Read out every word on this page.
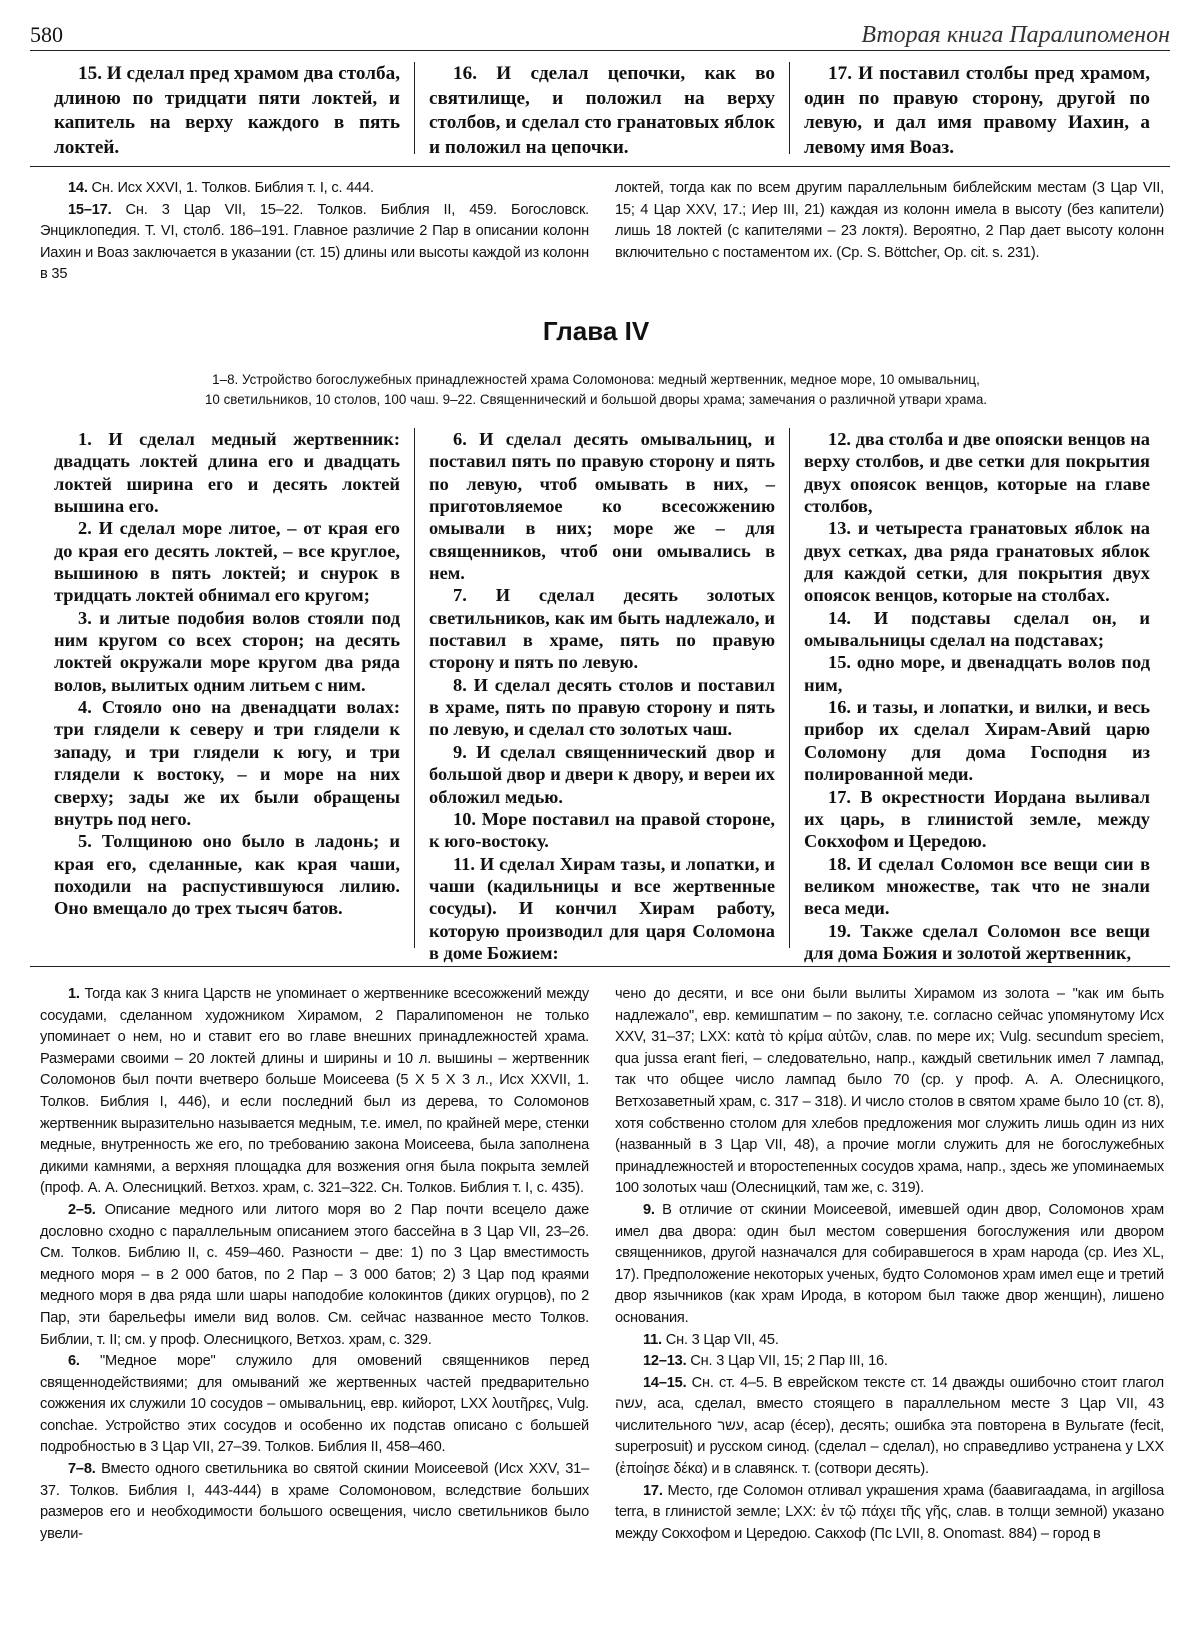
580	Вторая книга Паралипоменон

15. И сделал пред храмом два столба, длиною по тридцати пяти локтей, и капитель на верху каждого в пять локтей.

16. И сделал цепочки, как во святилище, и положил на верху столбов, и сделал сто гранатовых яблок и положил на цепочки.

17. И поставил столбы пред храмом, один по правую сторону, другой по левую, и дал имя правому Иахин, а левому имя Воаз.

14. Сн. Исх XXVI, 1. Толков. Библия т. I, с. 444.

15–17. Сн. 3 Цар VII, 15–22. Толков. Библия II, 459. Богословск. Энциклопедия. Т. VI, столб. 186–191. Главное различие 2 Пар в описании колонн Иахин и Воаз заключается в указании (ст. 15) длины или высоты каждой из колонн в 35

локтей, тогда как по всем другим параллельным библейским местам (3 Цар VII, 15; 4 Цар XXV, 17.; Иер III, 21) каждая из колонн имела в высоту (без капители) лишь 18 локтей (с капителями – 23 локтя). Вероятно, 2 Пар дает высоту колонн включительно с постаментом их. (Ср. S. Böttcher, Op. cit. s. 231).

Глава IV
1–8. Устройство богослужебных принадлежностей храма Соломонова: медный жертвенник, медное море, 10 омывальниц,
10 светильников, 10 столов, 100 чаш. 9–22. Священнический и большой дворы храма; замечания о различной утвари храма.

1. И сделал медный жертвенник: двадцать локтей длина его и двадцать локтей ширина его и десять локтей вышина его.

2. И сделал море литое, – от края его до края его десять локтей, – все круглое, вышиною в пять локтей; и снурок в тридцать локтей обнимал его кругом;

3. и литые подобия волов стояли под ним кругом со всех сторон; на десять локтей окружали море кругом два ряда волов, вылитых одним литьем с ним.

4. Стояло оно на двенадцати волах: три глядели к северу и три глядели к западу, и три глядели к югу, и три глядели к востоку, – и море на них сверху; зады же их были обращены внутрь под него.

5. Толщиною оно было в ладонь; и края его, сделанные, как края чаши, походили на распустившуюся лилию. Оно вмещало до трех тысяч батов.

6. И сделал десять омывальниц, и поставил пять по правую сторону и пять по левую, чтоб омывать в них, – приготовляемое ко всесожжению омывали в них; море же – для священников, чтоб они омывались в нем.

7. И сделал десять золотых светильников, как им быть надлежало, и поставил в храме, пять по правую сторону и пять по левую.

8. И сделал десять столов и поставил в храме, пять по правую сторону и пять по левую, и сделал сто золотых чаш.

9. И сделал священнический двор и большой двор и двери к двору, и вереи их обложил медью.

10. Море поставил на правой стороне, к юго-востоку.

11. И сделал Хирам тазы, и лопатки, и чаши (кадильницы и все жертвенные сосуды). И кончил Хирам работу, которую производил для царя Соломона в доме Божием:

12. два столба и две опояски венцов на верху столбов, и две сетки для покрытия двух опоясок венцов, которые на главе столбов,

13. и четыреста гранатовых яблок на двух сетках, два ряда гранатовых яблок для каждой сетки, для покрытия двух опоясок венцов, которые на столбах.

14. И подставы сделал он, и омывальницы сделал на подставах;

15. одно море, и двенадцать волов под ним,

16. и тазы, и лопатки, и вилки, и весь прибор их сделал Хирам-Авий царю Соломону для дома Господня из полированной меди.

17. В окрестности Иордана выливал их царь, в глинистой земле, между Сокхофом и Цередою.

18. И сделал Соломон все вещи сии в великом множестве, так что не знали веса меди.

19. Также сделал Соломон все вещи для дома Божия и золотой жертвенник,

1. Тогда как 3 книга Царств не упоминает о жертвеннике всесожжений между сосудами, сделанном художником Хирамом, 2 Паралипоменон не только упоминает о нем, но и ставит его во главе внешних принадлежностей храма. Размерами своими – 20 локтей длины и ширины и 10 л. вышины – жертвенник Соломонов был почти вчетверо больше Моисеева (5 X 5 X 3 л., Исх XXVII, 1. Толков. Библия I, 446), и если последний был из дерева, то Соломонов жертвенник выразительно называется медным, т.е. имел, по крайней мере, стенки медные, внутренность же его, по требованию закона Моисеева, была заполнена дикими камнями, а верхняя площадка для возжения огня была покрыта землей (проф. А. А. Олесницкий. Ветхоз. храм, с. 321–322. Сн. Толков. Библия т. I, с. 435).

2–5. Описание медного или литого моря во 2 Пар почти всецело даже дословно сходно с параллельным описанием этого бассейна в 3 Цар VII, 23–26. См. Толков. Библию II, с. 459–460. Разности – две: 1) по 3 Цар вместимость медного моря – в 2 000 батов, по 2 Пар – 3 000 батов; 2) 3 Цар под краями медного моря в два ряда шли шары наподобие колокинтов (диких огурцов), по 2 Пар, эти барельефы имели вид волов. См. сейчас названное место Толков. Библии, т. II; см. у проф. Олесницкого, Ветхоз. храм, с. 329.

6. "Медное море" служило для омовений священников перед священнодействиями; для омываний же жертвенных частей предварительно сожжения их служили 10 сосудов – омывальниц, евр. кийорот, LXX λουτῆρες, Vulg. conchae. Устройство этих сосудов и особенно их подстав описано с большей подробностью в 3 Цар VII, 27–39. Толков. Библия II, 458–460.

7–8. Вместо одного светильника во святой скинии Моисеевой (Исх XXV, 31–37. Толков. Библия I, 443-444) в храме Соломоновом, вследствие больших размеров его и необходимости большого освещения, число светильников было увели-

чено до десяти, и все они были вылиты Хирамом из золота – "как им быть надлежало", евр. кемишпатим – по закону, т.е. согласно сейчас упомянутому Исх XXV, 31–37; LXX: κατὰ τὸ κρίμα αὐτῶν, слав. по мере их; Vulg. secundum speciem, qua jussa erant fieri, – следовательно, напр., каждый светильник имел 7 лампад, так что общее число лампад было 70 (ср. у проф. А. А. Олесницкого, Ветхозаветный храм, с. 317 – 318). И число столов в святом храме было 10 (ст. 8), хотя собственно столом для хлебов предложения мог служить лишь один из них (названный в 3 Цар VII, 48), а прочие могли служить для не богослужебных принадлежностей и второстепенных сосудов храма, напр., здесь же упоминаемых 100 золотых чаш (Олесницкий, там же, с. 319).

9. В отличие от скинии Моисеевой, имевшей один двор, Соломонов храм имел два двора: один был местом совершения богослужения или двором священников, другой назначался для собиравшегося в храм народа (ср. Иез XL, 17). Предположение некоторых ученых, будто Соломонов храм имел еще и третий двор язычников (как храм Ирода, в котором был также двор женщин), лишено основания.

11. Сн. 3 Цар VII, 45.

12–13. Сн. 3 Цар VII, 15; 2 Пар III, 16.

14–15. Сн. ст. 4–5. В еврейском тексте ст. 14 дважды ошибочно стоит глагол עשה, аса, сделал, вместо стоящего в параллельном месте 3 Цар VII, 43 числительного עשר, асар (éсер), десять; ошибка эта повторена в Вульгате (fecit, superposuit) и русском синод. (сделал – сделал), но справедливо устранена у LXX (ἐποίησε δέκα) и в славянск. т. (сотвори десять).

17. Место, где Соломон отливал украшения храма (баавигаадама, in argillosa terra, в глинистой земле; LXX: ἐν τῷ πάχει τῆς γῆς, слав. в толщи земной) указано между Сокхофом и Цередою. Сакхоф (Пс LVII, 8. Onomast. 884) – город в
